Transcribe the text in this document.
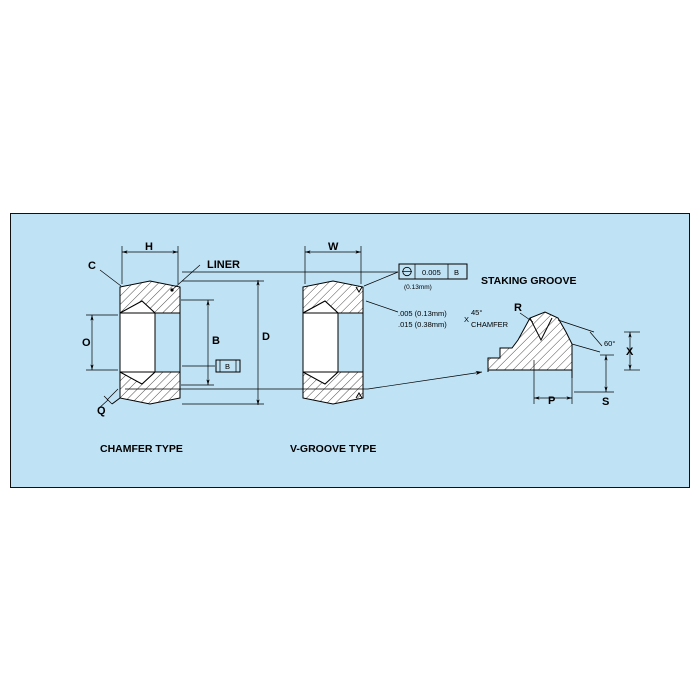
LINER
C
H
O	B	D
B
Q
W
0.005 B
(0.13mm)
.005 (0.13mm)
.015 (0.38mm)
X
45°
CHAMFER
R
60°
X
S
P
CHAMFER TYPE	V-GROOVE TYPE
STAKING GROOVE
